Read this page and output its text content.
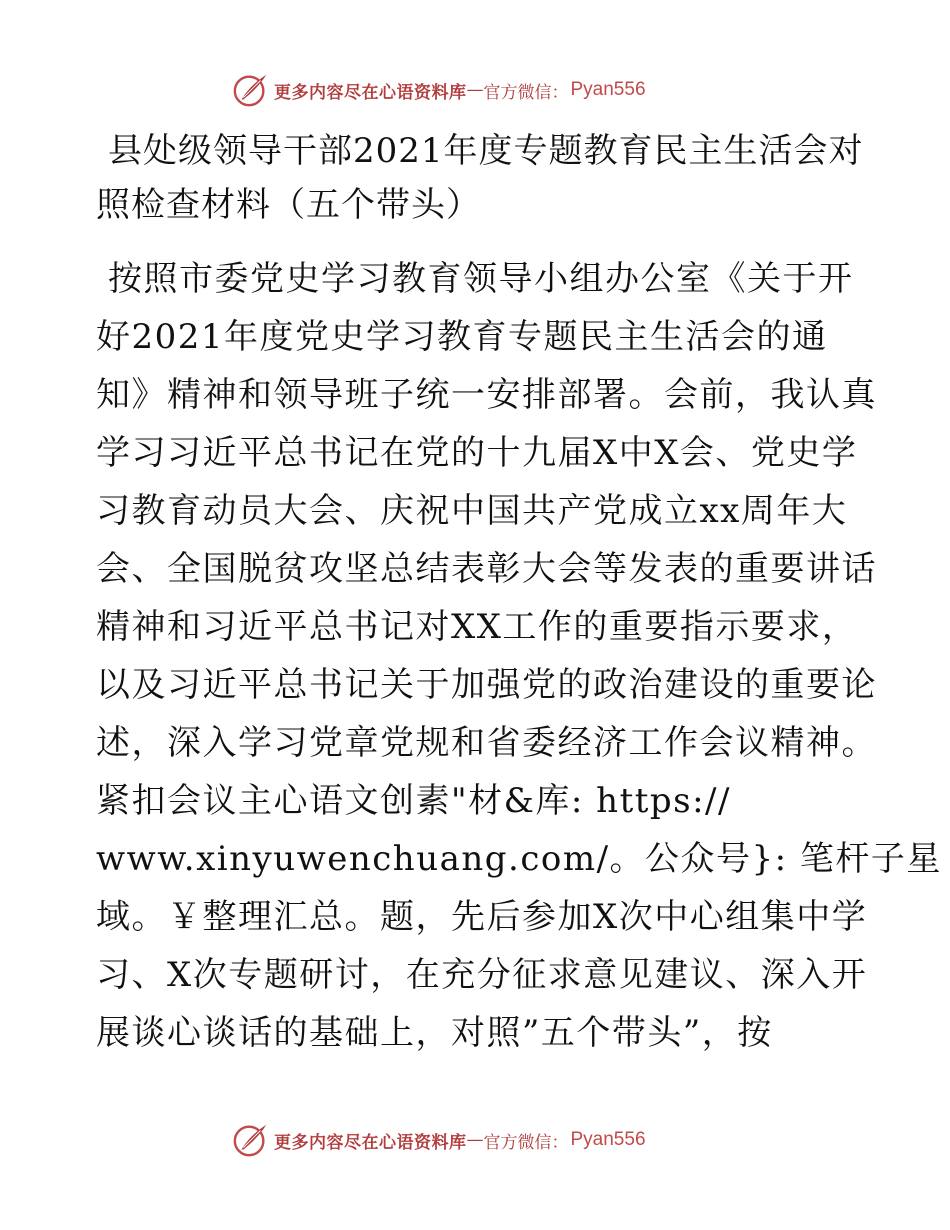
更多内容尽在心语资料库 — 官方微信： Pyan556
县处级领导干部2021年度专题教育民主生活会对
照检查材料（五个带头）
按照市委党史学习教育领导小组办公室《关于开
好2021年度党史学习教育专题民主生活会的通
知》精神和领导班子统一安排部署。会前，我认真
学习习近平总书记在党的十九届X中X会、党史学
习教育动员大会、庆祝中国共产党成立xx周年大
会、全国脱贫攻坚总结表彰大会等发表的重要讲话
精神和习近平总书记对XX工作的重要指示要求，
以及习近平总书记关于加强党的政治建设的重要论
述，深入学习党章党规和省委经济工作会议精神。
紧扣会议主心语文创素"材&库: https://
www.xinyuwenchuang.com/。公众号}: 笔杆子星
域。￥整理汇总。题，先后参加X次中心组集中学
习、X次专题研讨，在充分征求意见建议、深入开
展谈心谈话的基础上，对照”五个带头”，按
更多内容尽在心语资料库 — 官方微信： Pyan556
